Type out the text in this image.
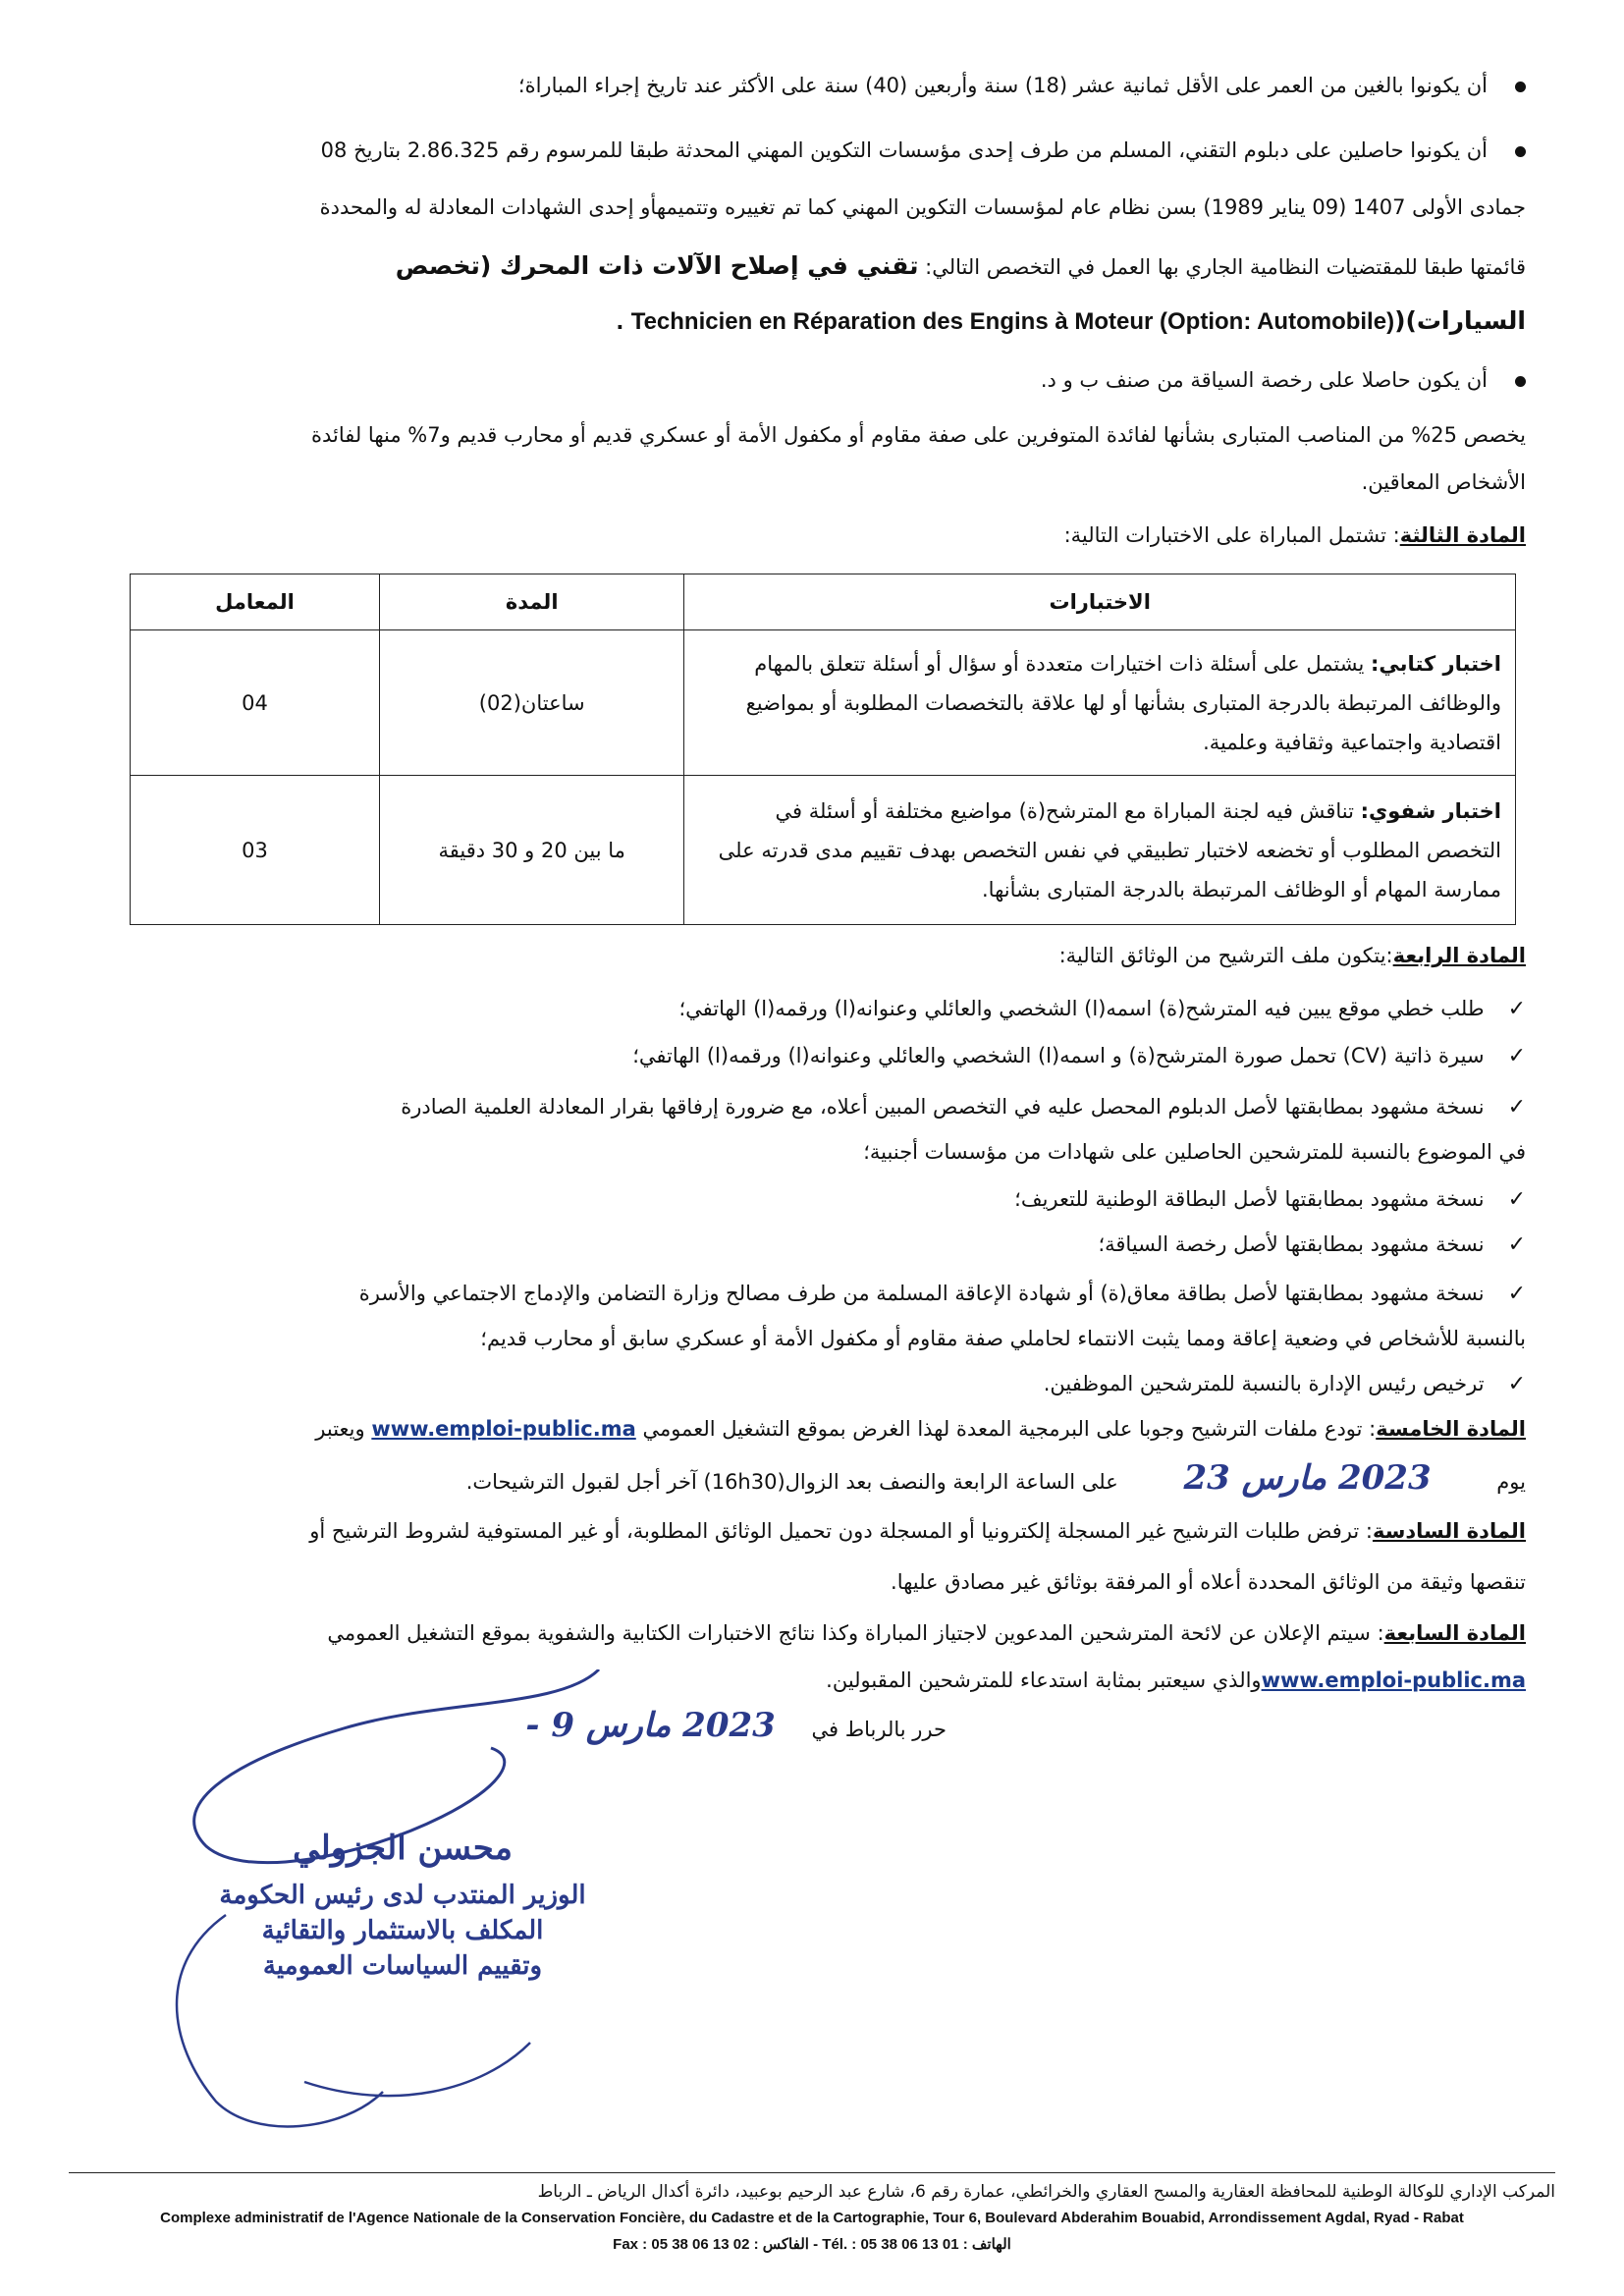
أن يكونوا بالغين من العمر على الأقل ثمانية عشر (18) سنة وأربعين (40) سنة على الأكثر عند تاريخ إجراء المباراة؛
أن يكونوا حاصلين على دبلوم التقني، المسلم من طرف إحدى مؤسسات التكوين المهني المحدثة طبقا للمرسوم رقم 2.86.325 بتاريخ 08
جمادى الأولى 1407 (09 يناير 1989) بسن نظام عام لمؤسسات التكوين المهني كما تم تغييره وتتميمهأو إحدى الشهادات المعادلة له والمحددة
قائمتها طبقا للمقتضيات النظامية الجاري بها العمل في التخصص التالي: تقني في إصلاح الآلات ذات المحرك (تخصص
السيارات)(Technicien en Réparation des Engins à Moteur (Option: Automobile) .
أن يكون حاصلا على رخصة السياقة من صنف ب و د.
يخصص 25% من المناصب المتبارى بشأنها لفائدة المتوفرين على صفة مقاوم أو مكفول الأمة أو عسكري قديم أو محارب قديم و7% منها لفائدة
الأشخاص المعاقين.
المادة الثالثة: تشتمل المباراة على الاختبارات التالية:
الاختبارات	المدة	المعامل
اختبار كتابي: يشتمل على أسئلة ذات اختيارات متعددة أو سؤال أو أسئلة تتعلق بالمهام والوظائف المرتبطة بالدرجة المتبارى بشأنها أو لها علاقة بالتخصصات المطلوبة أو بمواضيع اقتصادية واجتماعية وثقافية وعلمية.	ساعتان(02)	04
اختبار شفوي: تناقش فيه لجنة المباراة مع المترشح(ة) مواضيع مختلفة أو أسئلة في التخصص المطلوب أو تخضعه لاختبار تطبيقي في نفس التخصص بهدف تقييم مدى قدرته على ممارسة المهام أو الوظائف المرتبطة بالدرجة المتبارى بشأنها.	ما بين 20 و 30 دقيقة	03
المادة الرابعة:يتكون ملف الترشيح من الوثائق التالية:
✓طلب خطي موقع يبين فيه المترشح(ة) اسمه(ا) الشخصي والعائلي وعنوانه(ا) ورقمه(ا) الهاتفي؛
✓سيرة ذاتية (CV) تحمل صورة المترشح(ة) و اسمه(ا) الشخصي والعائلي وعنوانه(ا) ورقمه(ا) الهاتفي؛
✓نسخة مشهود بمطابقتها لأصل الدبلوم المحصل عليه في التخصص المبين أعلاه، مع ضرورة إرفاقها بقرار المعادلة العلمية الصادرة
في الموضوع بالنسبة للمترشحين الحاصلين على شهادات من مؤسسات أجنبية؛
✓نسخة مشهود بمطابقتها لأصل البطاقة الوطنية للتعريف؛
✓نسخة مشهود بمطابقتها لأصل رخصة السياقة؛
✓نسخة مشهود بمطابقتها لأصل بطاقة معاق(ة) أو شهادة الإعاقة المسلمة من طرف مصالح وزارة التضامن والإدماج الاجتماعي والأسرة
بالنسبة للأشخاص في وضعية إعاقة ومما يثبت الانتماء لحاملي صفة مقاوم أو مكفول الأمة أو عسكري سابق أو محارب قديم؛
✓ترخيص رئيس الإدارة بالنسبة للمترشحين الموظفين.
المادة الخامسة: تودع ملفات الترشيح وجوبا على البرمجية المعدة لهذا الغرض بموقع التشغيل العمومي www.emploi-public.ma ويعتبر
يوم 2023 مارس 23 على الساعة الرابعة والنصف بعد الزوال(16h30) آخر أجل لقبول الترشيحات.
المادة السادسة: ترفض طلبات الترشيح غير المسجلة إلكترونيا أو المسجلة دون تحميل الوثائق المطلوبة، أو غير المستوفية لشروط الترشيح أو
تنقصها وثيقة من الوثائق المحددة أعلاه أو المرفقة بوثائق غير مصادق عليها.
المادة السابعة: سيتم الإعلان عن لائحة المترشحين المدعوين لاجتياز المباراة وكذا نتائج الاختبارات الكتابية والشفوية بموقع التشغيل العمومي
www.emploi-public.maوالذي سيعتبر بمثابة استدعاء للمترشحين المقبولين.
حرر بالرباط في 2023 مارس 9 -
محسن الجزولي
الوزير المنتدب لدى رئيس الحكومة
المكلف بالاستثمار والتقائية
وتقييم السياسات العمومية
المركب الإداري للوكالة الوطنية للمحافظة العقارية والمسح العقاري والخرائطي، عمارة رقم 6، شارع عبد الرحيم بوعبيد، دائرة أكدال الرياض ـ الرباط
Complexe administratif de l'Agence Nationale de la Conservation Foncière, du Cadastre et de la Cartographie, Tour 6, Boulevard Abderahim Bouabid, Arrondissement Agdal, Ryad - Rabat
Fax : 05 38 06 13 02 : الفاكس - Tél. : 05 38 06 13 01 : الهاتف
